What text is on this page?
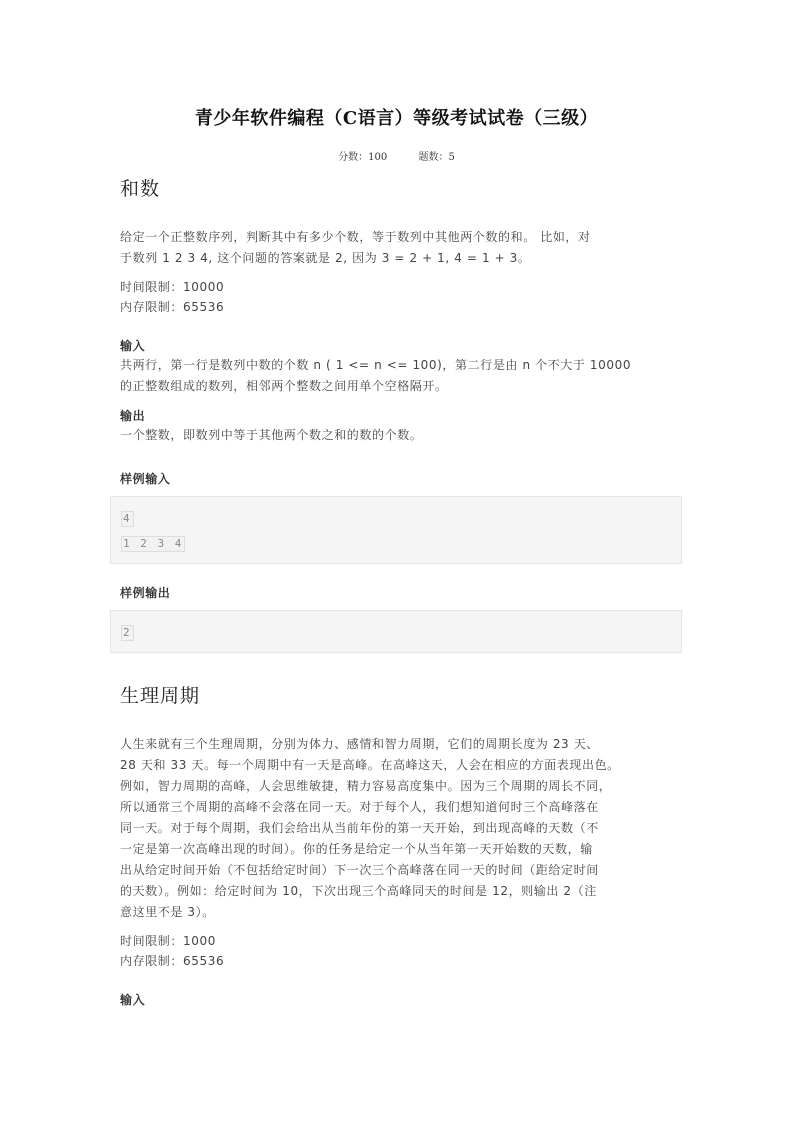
青少年软件编程（C语言）等级考试试卷（三级）
分数：100	题数：5
和数

给定一个正整数序列，判断其中有多少个数，等于数列中其他两个数的和。 比如，对

于数列 1 2 3 4, 这个问题的答案就是 2, 因为 3 = 2 + 1, 4 = 1 + 3。

时间限制：10000
内存限制：65536
输入

共两行，第一行是数列中数的个数 n ( 1 <= n <= 100)，第二行是由 n 个不大于 10000

的正整数组成的数列，相邻两个整数之间用单个空格隔开。

输出

一个整数，即数列中等于其他两个数之和的数的个数。

样例输入
4
1 2 3 4
样例输出
2
生理周期

人生来就有三个生理周期，分别为体力、感情和智力周期，它们的周期长度为 23 天、

28 天和 33 天。每一个周期中有一天是高峰。在高峰这天，人会在相应的方面表现出色。

例如，智力周期的高峰，人会思维敏捷，精力容易高度集中。因为三个周期的周长不同，

所以通常三个周期的高峰不会落在同一天。对于每个人，我们想知道何时三个高峰落在

同一天。对于每个周期，我们会给出从当前年份的第一天开始，到出现高峰的天数（不

一定是第一次高峰出现的时间）。你的任务是给定一个从当年第一天开始数的天数，输

出从给定时间开始（不包括给定时间）下一次三个高峰落在同一天的时间（距给定时间

的天数）。例如：给定时间为 10，下次出现三个高峰同天的时间是 12，则输出 2（注

意这里不是 3）。

时间限制：1000
内存限制：65536
输入
